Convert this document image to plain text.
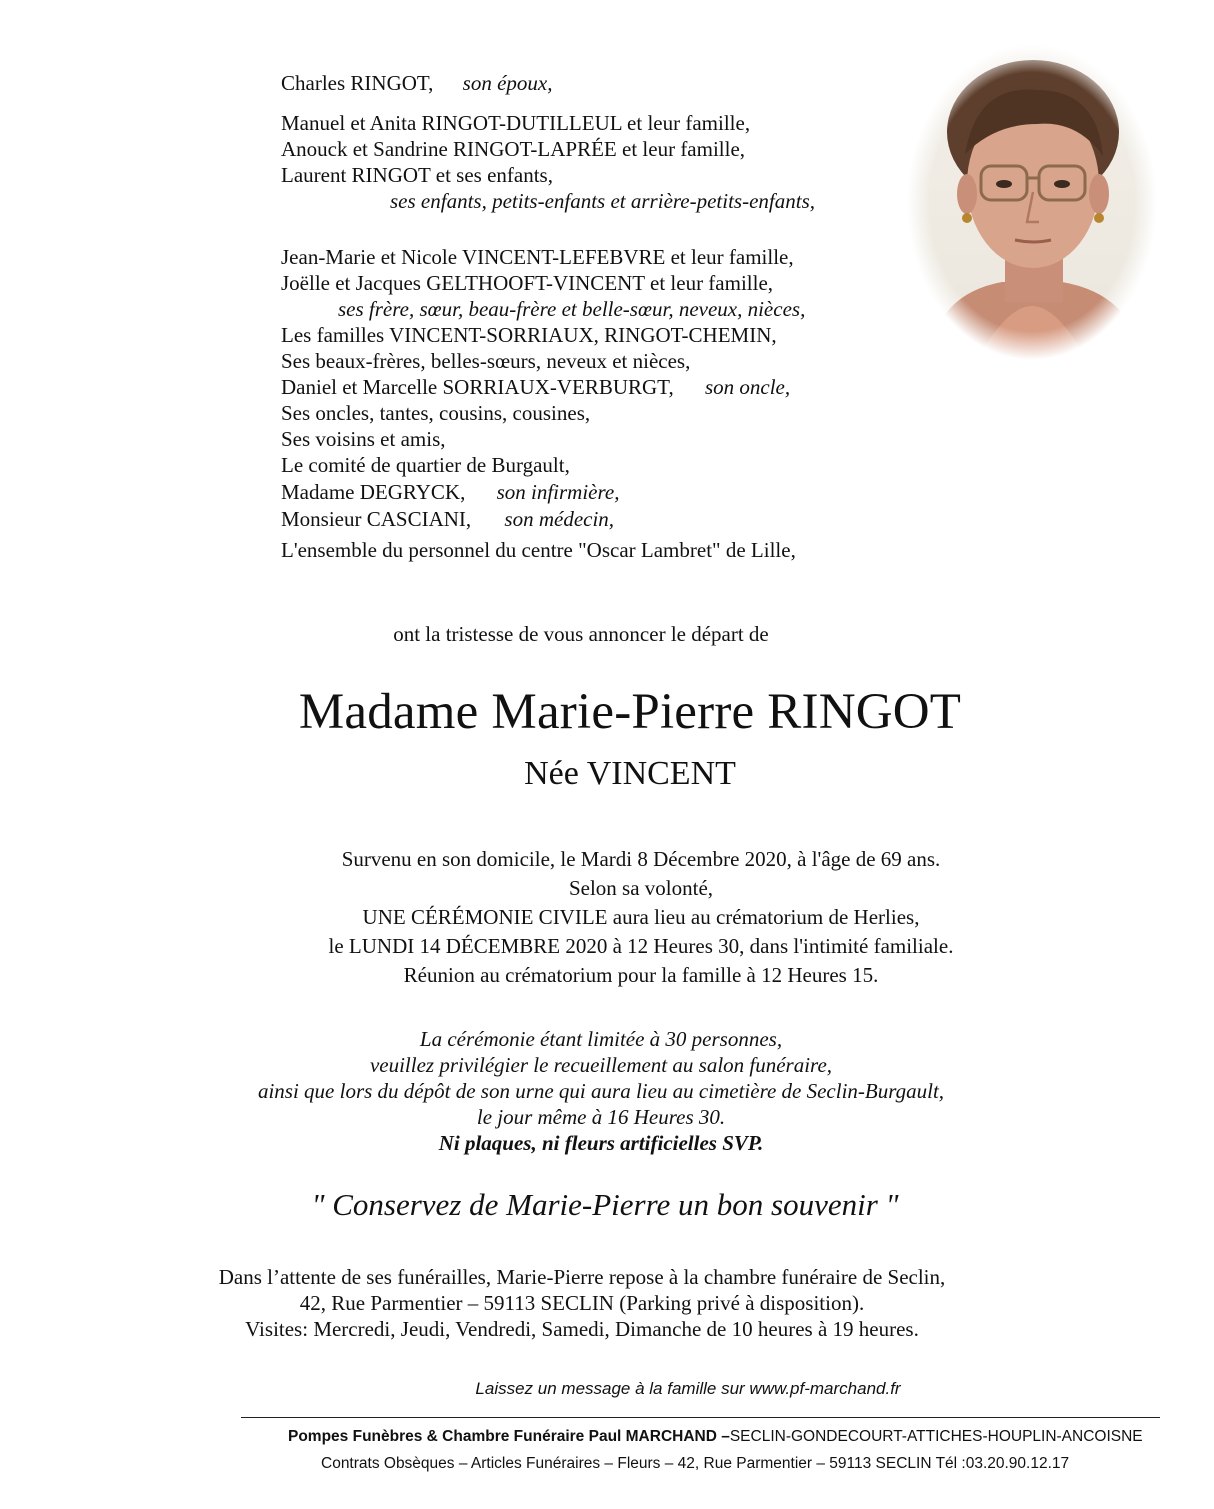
Charles RINGOT, son époux,
Manuel et Anita RINGOT-DUTILLEUL et leur famille,
Anouck et Sandrine RINGOT-LAPRÉE et leur famille,
Laurent RINGOT et ses enfants,
ses enfants, petits-enfants et arrière-petits-enfants,
Jean-Marie et Nicole VINCENT-LEFEBVRE et leur famille,
Joëlle et Jacques GELTHOOFT-VINCENT et leur famille,
ses frère, sœur, beau-frère et belle-sœur, neveux, nièces,
Les familles VINCENT-SORRIAUX, RINGOT-CHEMIN,
Ses beaux-frères, belles-sœurs, neveux et nièces,
Daniel et Marcelle SORRIAUX-VERBURGT, son oncle,
Ses oncles, tantes, cousins, cousines,
Ses voisins et amis,
Le comité de quartier de Burgault,
Madame DEGRYCK, son infirmière,
Monsieur CASCIANI, son médecin,
L'ensemble du personnel du centre "Oscar Lambret" de Lille,
ont la tristesse de vous annoncer le départ de
Madame Marie-Pierre RINGOT
Née VINCENT
Survenu en son domicile, le Mardi 8 Décembre 2020, à l'âge de 69 ans.
Selon sa volonté,
UNE CÉRÉMONIE CIVILE aura lieu au crématorium de Herlies,
le LUNDI 14 DÉCEMBRE 2020 à 12 Heures 30, dans l'intimité familiale.
Réunion au crématorium pour la famille à 12 Heures 15.
La cérémonie étant limitée à 30 personnes,
veuillez privilégier le recueillement au salon funéraire,
ainsi que lors du dépôt de son urne qui aura lieu au cimetière de Seclin-Burgault,
le jour même à 16 Heures 30.
Ni plaques, ni fleurs artificielles SVP.
" Conservez de Marie-Pierre un bon souvenir "
Dans l’attente de ses funérailles, Marie-Pierre repose à la chambre funéraire de Seclin,
42, Rue Parmentier – 59113 SECLIN (Parking privé à disposition).
Visites: Mercredi, Jeudi, Vendredi, Samedi, Dimanche de 10 heures à 19 heures.
Laissez un message à la famille sur www.pf-marchand.fr
Pompes Funèbres & Chambre Funéraire Paul MARCHAND –SECLIN-GONDECOURT-ATTICHES-HOUPLIN-ANCOISNE
Contrats Obsèques – Articles Funéraires – Fleurs – 42, Rue Parmentier – 59113 SECLIN Tél :03.20.90.12.17
